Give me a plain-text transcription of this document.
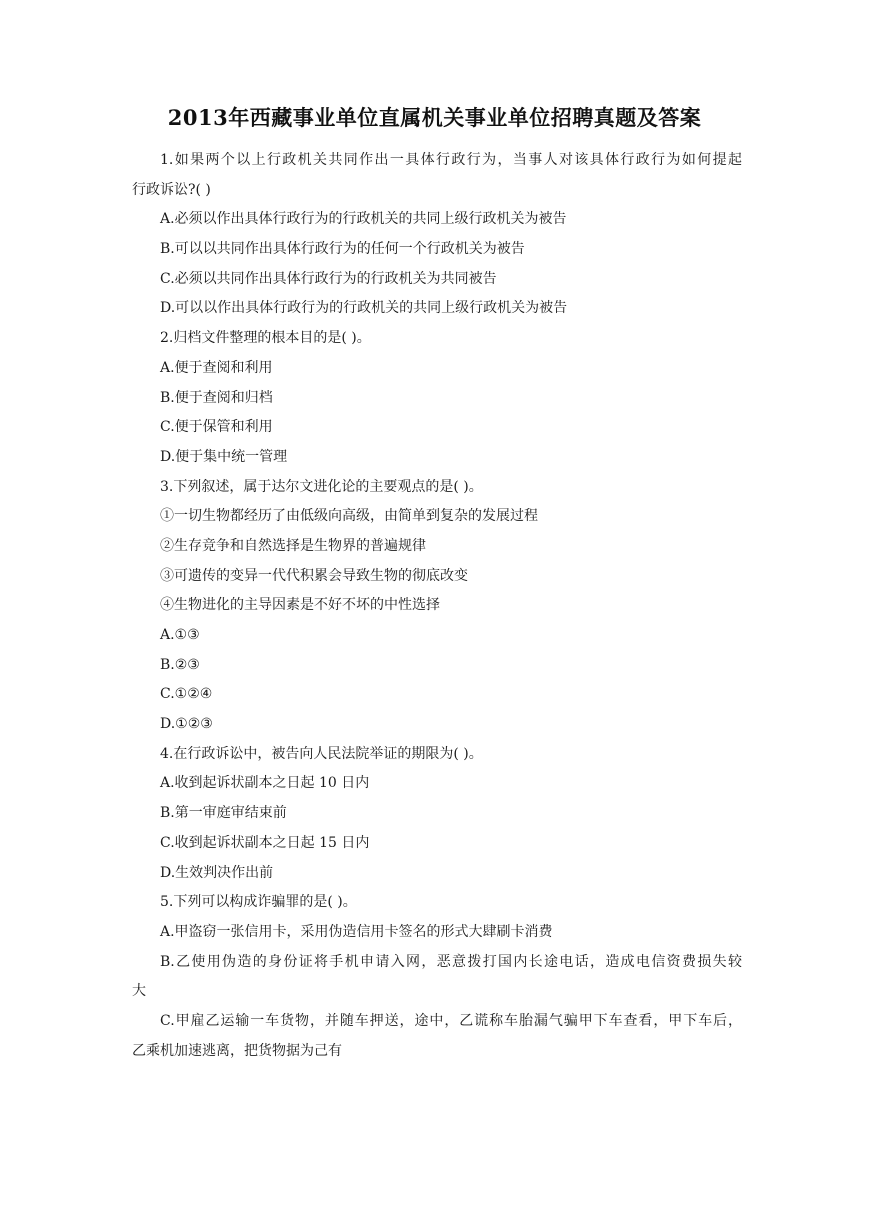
2013年西藏事业单位直属机关事业单位招聘真题及答案
1.如果两个以上行政机关共同作出一具体行政行为，当事人对该具体行政行为如何提起
行政诉讼?( )
A.必须以作出具体行政行为的行政机关的共同上级行政机关为被告
B.可以以共同作出具体行政行为的任何一个行政机关为被告
C.必须以共同作出具体行政行为的行政机关为共同被告
D.可以以作出具体行政行为的行政机关的共同上级行政机关为被告
2.归档文件整理的根本目的是( )。
A.便于查阅和利用
B.便于查阅和归档
C.便于保管和利用
D.便于集中统一管理
3.下列叙述，属于达尔文进化论的主要观点的是( )。
①一切生物都经历了由低级向高级，由简单到复杂的发展过程
②生存竞争和自然选择是生物界的普遍规律
③可遗传的变异一代代积累会导致生物的彻底改变
④生物进化的主导因素是不好不坏的中性选择
A.①③
B.②③
C.①②④
D.①②③
4.在行政诉讼中，被告向人民法院举证的期限为( )。
A.收到起诉状副本之日起 10 日内
B.第一审庭审结束前
C.收到起诉状副本之日起 15 日内
D.生效判决作出前
5.下列可以构成诈骗罪的是( )。
A.甲盗窃一张信用卡，采用伪造信用卡签名的形式大肆刷卡消费
B.乙使用伪造的身份证将手机申请入网，恶意拨打国内长途电话，造成电信资费损失较
大
C.甲雇乙运输一车货物，并随车押送，途中，乙谎称车胎漏气骗甲下车查看，甲下车后，
乙乘机加速逃离，把货物据为己有
